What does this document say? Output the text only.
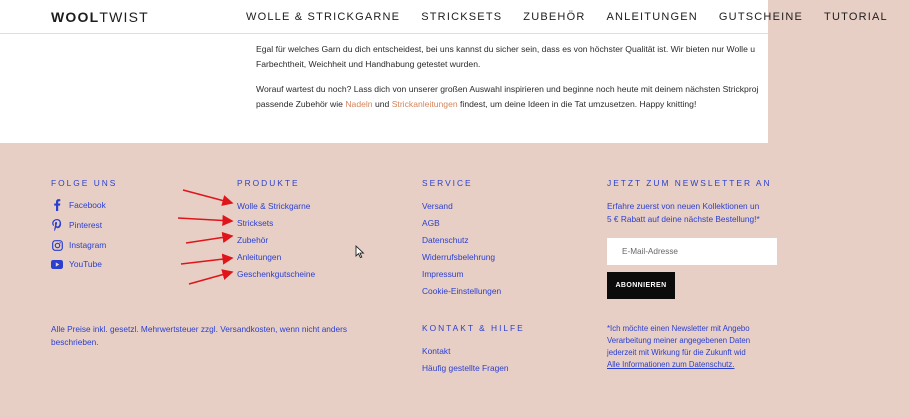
WOOLTWIST	WOLLE & STRICKGARNE STRICKSETS ZUBEHÖR ANLEITUNGEN GUTSCHEINE TUTORIAL

Egal für welches Garn du dich entscheidest, bei uns kannst du sicher sein, dass es von höchster Qualität ist. Wir bieten nur Wolle u
Farbechtheit, Weichheit und Handhabung getestet wurden.

Worauf wartest du noch? Lass dich von unserer großen Auswahl inspirieren und beginne noch heute mit deinem nächsten Strickproj
passende Zubehör wie Nadeln und Strickanleitungen findest, um deine Ideen in die Tat umzusetzen. Happy knitting!

FOLGE UNS
Facebook
Pinterest
Instagram
YouTube
PRODUKTE
Wolle & Strickgarne
Stricksets
Zubehör
Anleitungen
Geschenkgutscheine
SERVICE
Versand
AGB
Datenschutz
Widerrufsbelehrung
Impressum
Cookie-Einstellungen
KONTAKT & HILFE
Kontakt
Häufig gestellte Fragen
JETZT ZUM NEWSLETTER AN
Erfahre zuerst von neuen Kollektionen un
5 € Rabatt auf deine nächste Bestellung!*
E-Mail-Adresse
ABONNIEREN
Alle Preise inkl. gesetzl. Mehrwertsteuer zzgl. Versandkosten, wenn nicht anders beschrieben.
*Ich möchte einen Newsletter mit Angebo
Verarbeitung meiner angegebenen Daten
jederzeit mit Wirkung für die Zukunft wid
Alle Informationen zum Datenschutz.
